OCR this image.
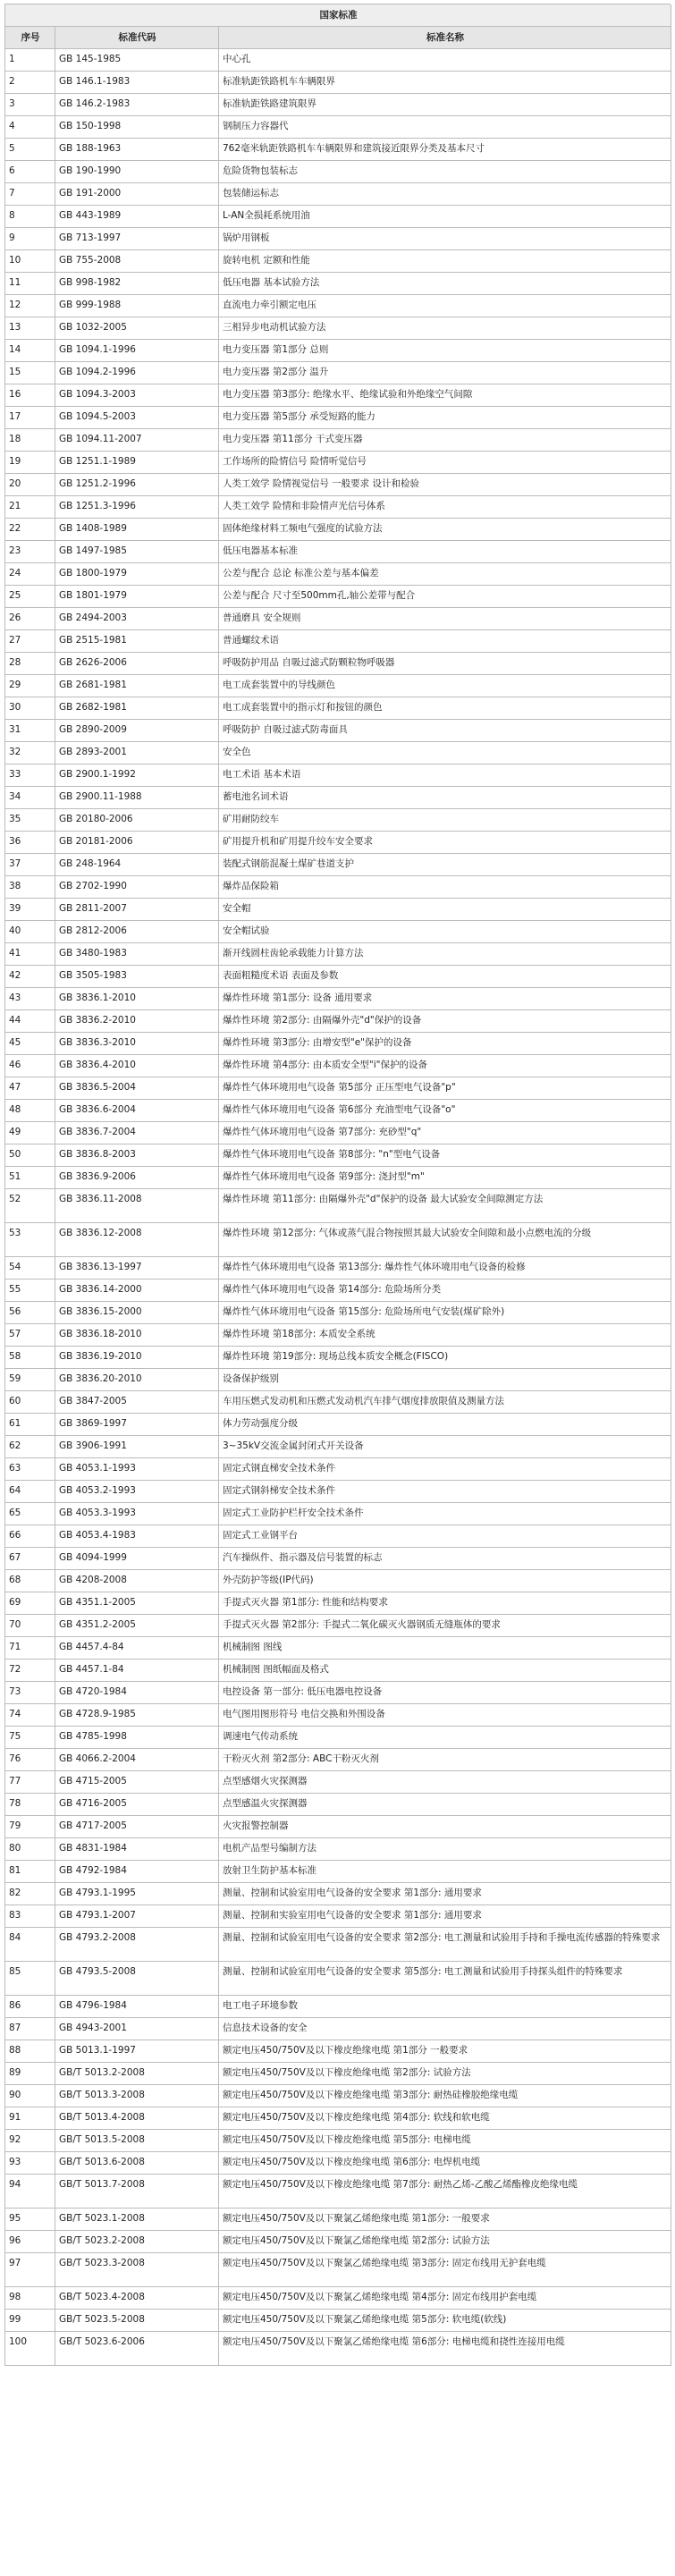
国家标准
序号	标准代码	标准名称
1	GB 145-1985	中心孔
2	GB 146.1-1983	标准轨距铁路机车车辆限界
3	GB 146.2-1983	标准轨距铁路建筑限界
4	GB 150-1998	钢制压力容器代
5	GB 188-1963	762毫米轨距铁路机车车辆限界和建筑接近限界分类及基本尺寸
6	GB 190-1990	危险货物包装标志
7	GB 191-2000	包装储运标志
8	GB 443-1989	L-AN全损耗系统用油
9	GB 713-1997	锅炉用钢板
10	GB 755-2008	旋转电机 定额和性能
11	GB 998-1982	低压电器 基本试验方法
12	GB 999-1988	直流电力牵引额定电压
13	GB 1032-2005	三相异步电动机试验方法
14	GB 1094.1-1996	电力变压器 第1部分 总则
15	GB 1094.2-1996	电力变压器 第2部分 温升
16	GB 1094.3-2003	电力变压器 第3部分: 绝缘水平、绝缘试验和外绝缘空气间隙
17	GB 1094.5-2003	电力变压器 第5部分 承受短路的能力
18	GB 1094.11-2007	电力变压器 第11部分 干式变压器
19	GB 1251.1-1989	工作场所的险情信号 险情听觉信号
20	GB 1251.2-1996	人类工效学 险情视觉信号 一般要求 设计和检验
21	GB 1251.3-1996	人类工效学 险情和非险情声光信号体系
22	GB 1408-1989	固体绝缘材料工频电气强度的试验方法
23	GB 1497-1985	低压电器基本标准
24	GB 1800-1979	公差与配合 总论 标准公差与基本偏差
25	GB 1801-1979	公差与配合 尺寸至500mm孔,轴公差带与配合
26	GB 2494-2003	普通磨具 安全规则
27	GB 2515-1981	普通螺纹术语
28	GB 2626-2006	呼吸防护用品 自吸过滤式防颗粒物呼吸器
29	GB 2681-1981	电工成套装置中的导线颜色
30	GB 2682-1981	电工成套装置中的指示灯和按钮的颜色
31	GB 2890-2009	呼吸防护 自吸过滤式防毒面具
32	GB 2893-2001	安全色
33	GB 2900.1-1992	电工术语 基本术语
34	GB 2900.11-1988	蓄电池名词术语
35	GB 20180-2006	矿用耐防绞车
36	GB 20181-2006	矿用提升机和矿用提升绞车安全要求
37	GB 248-1964	装配式钢筋混凝土煤矿巷道支护
38	GB 2702-1990	爆炸品保险箱
39	GB 2811-2007	安全帽
40	GB 2812-2006	安全帽试验
41	GB 3480-1983	渐开线圆柱齿轮承载能力计算方法
42	GB 3505-1983	表面粗糙度术语 表面及参数
43	GB 3836.1-2010	爆炸性环境 第1部分: 设备 通用要求
44	GB 3836.2-2010	爆炸性环境 第2部分: 由隔爆外壳"d"保护的设备
45	GB 3836.3-2010	爆炸性环境 第3部分: 由增安型"e"保护的设备
46	GB 3836.4-2010	爆炸性环境 第4部分: 由本质安全型"i"保护的设备
47	GB 3836.5-2004	爆炸性气体环境用电气设备 第5部分 正压型电气设备"p"
48	GB 3836.6-2004	爆炸性气体环境用电气设备 第6部分 充油型电气设备"o"
49	GB 3836.7-2004	爆炸性气体环境用电气设备 第7部分: 充砂型"q"
50	GB 3836.8-2003	爆炸性气体环境用电气设备 第8部分: "n"型电气设备
51	GB 3836.9-2006	爆炸性气体环境用电气设备 第9部分: 浇封型"m"
52	GB 3836.11-2008	爆炸性环境 第11部分: 由隔爆外壳"d"保护的设备 最大试验安全间隙测定方法
53	GB 3836.12-2008	爆炸性环境 第12部分: 气体或蒸气混合物按照其最大试验安全间隙和最小点燃电流的分级
54	GB 3836.13-1997	爆炸性气体环境用电气设备 第13部分: 爆炸性气体环境用电气设备的检修
55	GB 3836.14-2000	爆炸性气体环境用电气设备 第14部分: 危险场所分类
56	GB 3836.15-2000	爆炸性气体环境用电气设备 第15部分: 危险场所电气安装(煤矿除外)
57	GB 3836.18-2010	爆炸性环境 第18部分: 本质安全系统
58	GB 3836.19-2010	爆炸性环境 第19部分: 现场总线本质安全概念(FISCO)
59	GB 3836.20-2010	设备保护级别
60	GB 3847-2005	车用压燃式发动机和压燃式发动机汽车排气烟度排放限值及测量方法
61	GB 3869-1997	体力劳动强度分级
62	GB 3906-1991	3~35kV交流金属封闭式开关设备
63	GB 4053.1-1993	固定式钢直梯安全技术条件
64	GB 4053.2-1993	固定式钢斜梯安全技术条件
65	GB 4053.3-1993	固定式工业防护栏杆安全技术条件
66	GB 4053.4-1983	固定式工业钢平台
67	GB 4094-1999	汽车操纵件、指示器及信号装置的标志
68	GB 4208-2008	外壳防护等级(IP代码)
69	GB 4351.1-2005	手提式灭火器 第1部分: 性能和结构要求
70	GB 4351.2-2005	手提式灭火器 第2部分: 手提式二氧化碳灭火器钢质无缝瓶体的要求
71	GB 4457.4-84	机械制图 图线
72	GB 4457.1-84	机械制图 图纸幅面及格式
73	GB 4720-1984	电控设备 第一部分: 低压电器电控设备
74	GB 4728.9-1985	电气图用图形符号 电信交换和外围设备
75	GB 4785-1998	调速电气传动系统
76	GB 4066.2-2004	干粉灭火剂 第2部分: ABC干粉灭火剂
77	GB 4715-2005	点型感烟火灾探测器
78	GB 4716-2005	点型感温火灾探测器
79	GB 4717-2005	火灾报警控制器
80	GB 4831-1984	电机产品型号编制方法
81	GB 4792-1984	放射卫生防护基本标准
82	GB 4793.1-1995	测量、控制和试验室用电气设备的安全要求 第1部分: 通用要求
83	GB 4793.1-2007	测量、控制和实验室用电气设备的安全要求 第1部分: 通用要求
84	GB 4793.2-2008	测量、控制和试验室用电气设备的安全要求 第2部分: 电工测量和试验用手持和手操电流传感器的特殊要求
85	GB 4793.5-2008	测量、控制和试验室用电气设备的安全要求 第5部分: 电工测量和试验用手持探头组件的特殊要求
86	GB 4796-1984	电工电子环境参数
87	GB 4943-2001	信息技术设备的安全
88	GB 5013.1-1997	额定电压450/750V及以下橡皮绝缘电缆 第1部分 一般要求
89	GB/T 5013.2-2008	额定电压450/750V及以下橡皮绝缘电缆 第2部分: 试验方法
90	GB/T 5013.3-2008	额定电压450/750V及以下橡皮绝缘电缆 第3部分: 耐热硅橡胶绝缘电缆
91	GB/T 5013.4-2008	额定电压450/750V及以下橡皮绝缘电缆 第4部分: 软线和软电缆
92	GB/T 5013.5-2008	额定电压450/750V及以下橡皮绝缘电缆 第5部分: 电梯电缆
93	GB/T 5013.6-2008	额定电压450/750V及以下橡皮绝缘电缆 第6部分: 电焊机电缆
94	GB/T 5013.7-2008	额定电压450/750V及以下橡皮绝缘电缆 第7部分: 耐热乙烯-乙酸乙烯酯橡皮绝缘电缆
95	GB/T 5023.1-2008	额定电压450/750V及以下聚氯乙烯绝缘电缆 第1部分: 一般要求
96	GB/T 5023.2-2008	额定电压450/750V及以下聚氯乙烯绝缘电缆 第2部分: 试验方法
97	GB/T 5023.3-2008	额定电压450/750V及以下聚氯乙烯绝缘电缆 第3部分: 固定布线用无护套电缆
98	GB/T 5023.4-2008	额定电压450/750V及以下聚氯乙烯绝缘电缆 第4部分: 固定布线用护套电缆
99	GB/T 5023.5-2008	额定电压450/750V及以下聚氯乙烯绝缘电缆 第5部分: 软电缆(软线)
100	GB/T 5023.6-2006	额定电压450/750V及以下聚氯乙烯绝缘电缆 第6部分: 电梯电缆和挠性连接用电缆
